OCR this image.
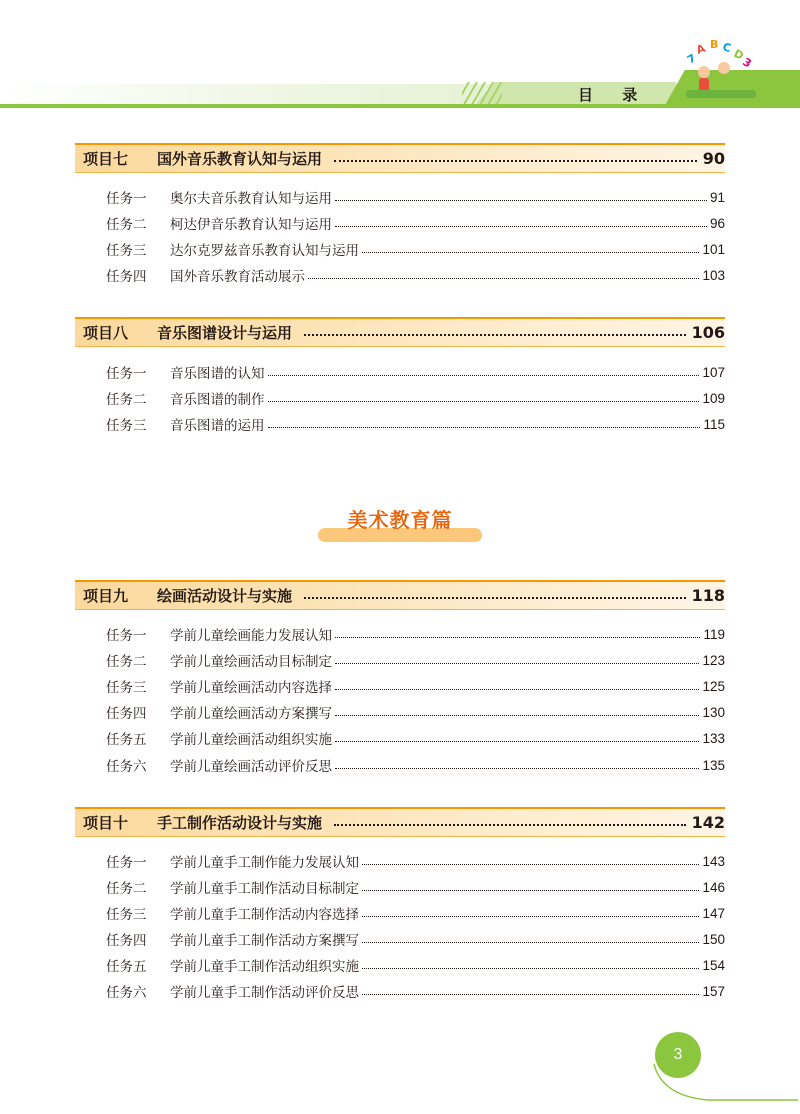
目 录
A B C D
3
7
项目七	国外音乐教育认知与运用	90
任务一	奥尔夫音乐教育认知与运用	91
任务二	柯达伊音乐教育认知与运用	96
任务三	达尔克罗兹音乐教育认知与运用	101
任务四	国外音乐教育活动展示	103
项目八	音乐图谱设计与运用	106
任务一	音乐图谱的认知	107
任务二	音乐图谱的制作	109
任务三	音乐图谱的运用	115
美术教育篇
项目九	绘画活动设计与实施	118
任务一	学前儿童绘画能力发展认知	119
任务二	学前儿童绘画活动目标制定	123
任务三	学前儿童绘画活动内容选择	125
任务四	学前儿童绘画活动方案撰写	130
任务五	学前儿童绘画活动组织实施	133
任务六	学前儿童绘画活动评价反思	135
项目十	手工制作活动设计与实施	142
任务一	学前儿童手工制作能力发展认知	143
任务二	学前儿童手工制作活动目标制定	146
任务三	学前儿童手工制作活动内容选择	147
任务四	学前儿童手工制作活动方案撰写	150
任务五	学前儿童手工制作活动组织实施	154
任务六	学前儿童手工制作活动评价反思	157
3
